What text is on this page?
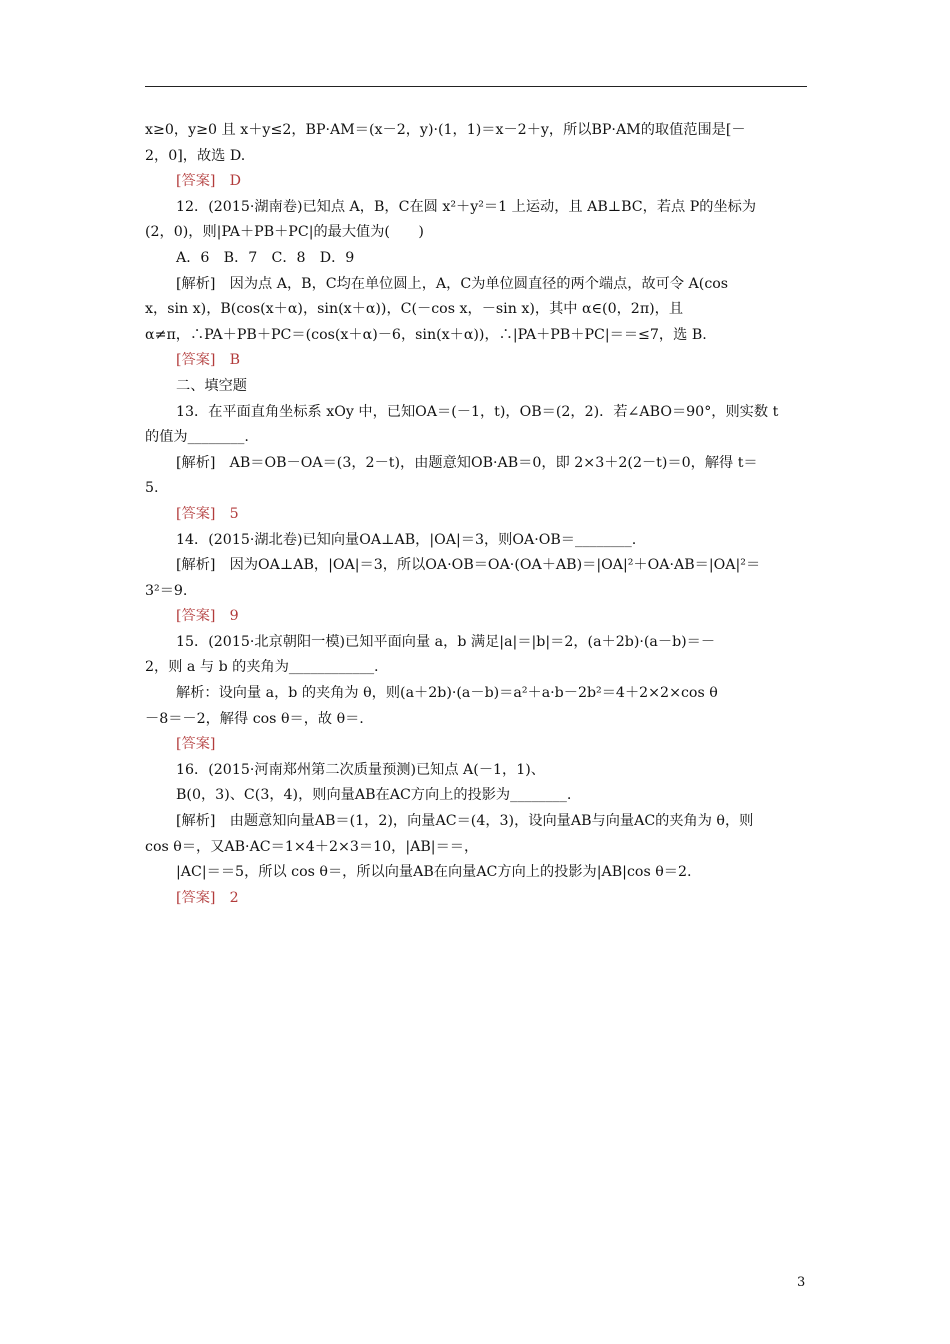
x≥0，y≥0 且 x＋y≤2，BP·AM＝(x－2，y)·(1，1)＝x－2＋y，所以BP·AM的取值范围是[－
2，0]，故选 D.
[答案]　D
12．(2015·湖南卷)已知点 A，B，C在圆 x²＋y²＝1 上运动，且 AB⊥BC，若点 P的坐标为
(2，0)，则|PA＋PB＋PC|的最大值为(　　)
A．6　B．7　C．8　D．9
[解析]　因为点 A，B，C均在单位圆上，A，C为单位圆直径的两个端点，故可令 A(cos
x，sin x)，B(cos(x＋α)，sin(x＋α))，C(－cos x，－sin x)，其中 α∈(0，2π)，且
α≠π，∴PA＋PB＋PC＝(cos(x＋α)－6，sin(x＋α))，∴|PA＋PB＋PC|＝＝≤7，选 B.
[答案]　B
二、填空题
13．在平面直角坐标系 xOy 中，已知OA＝(－1，t)，OB＝(2，2)．若∠ABO＝90°，则实数 t
的值为________.
[解析]　AB＝OB－OA＝(3，2－t)，由题意知OB·AB＝0，即 2×3＋2(2－t)＝0，解得 t＝
5.
[答案]　5
14．(2015·湖北卷)已知向量OA⊥AB，|OA|＝3，则OA·OB＝________.
[解析]　因为OA⊥AB，|OA|＝3，所以OA·OB＝OA·(OA＋AB)＝|OA|²＋OA·AB＝|OA|²＝
3²＝9.
[答案]　9
15．(2015·北京朝阳一模)已知平面向量 a，b 满足|a|＝|b|＝2，(a＋2b)·(a－b)＝－
2，则 a 与 b 的夹角为____________.
解析：设向量 a，b 的夹角为 θ，则(a＋2b)·(a－b)＝a²＋a·b－2b²＝4＋2×2×cos θ
－8＝－2，解得 cos θ＝，故 θ＝.
[答案]
16．(2015·河南郑州第二次质量预测)已知点 A(－1，1)、
B(0，3)、C(3，4)，则向量AB在AC方向上的投影为________.
[解析]　由题意知向量AB＝(1，2)，向量AC＝(4，3)，设向量AB与向量AC的夹角为 θ，则
cos θ＝，又AB·AC＝1×4＋2×3＝10，|AB|＝＝，
|AC|＝＝5，所以 cos θ＝，所以向量AB在向量AC方向上的投影为|AB|cos θ＝2.
[答案]　2
3
